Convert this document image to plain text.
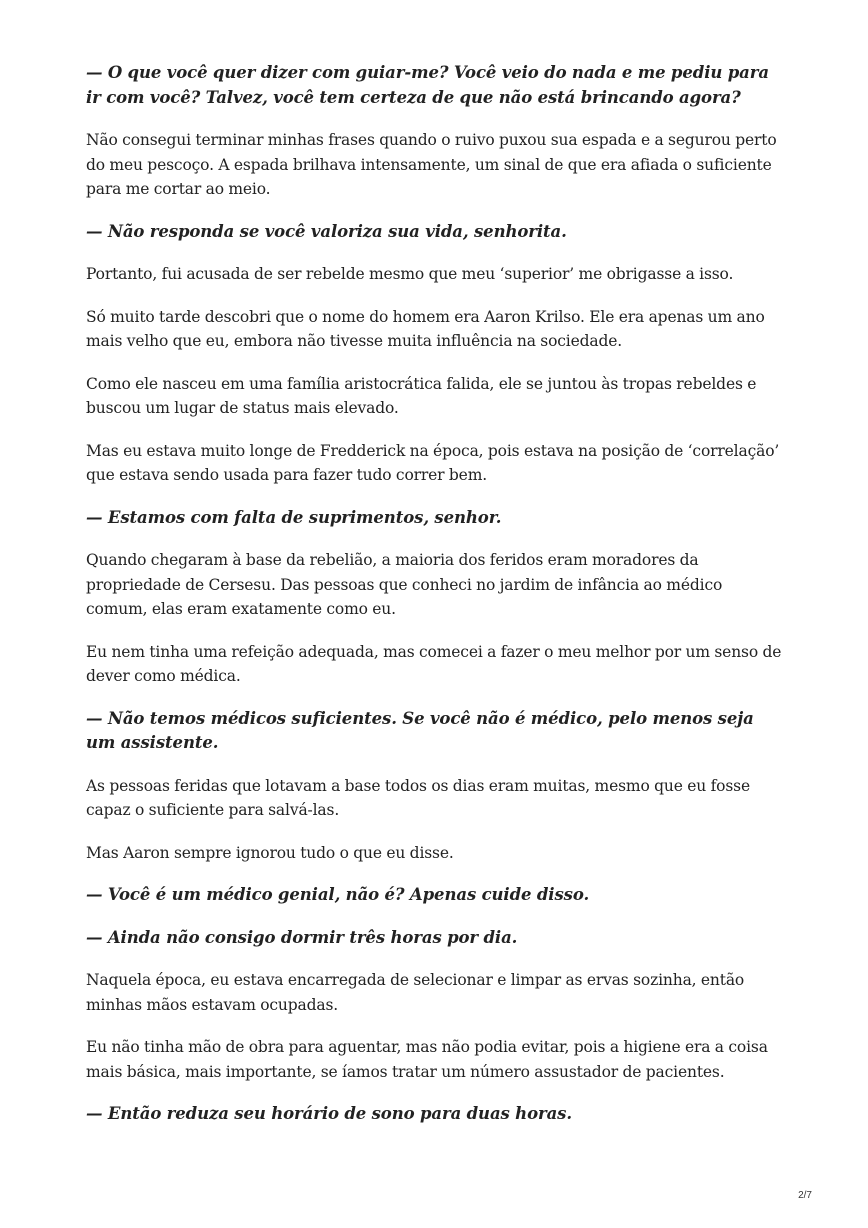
— O que você quer dizer com guiar-me? Você veio do nada e me pediu para ir com você? Talvez, você tem certeza de que não está brincando agora?

Não consegui terminar minhas frases quando o ruivo puxou sua espada e a segurou perto do meu pescoço. A espada brilhava intensamente, um sinal de que era afiada o suficiente para me cortar ao meio.

— Não responda se você valoriza sua vida, senhorita.

Portanto, fui acusada de ser rebelde mesmo que meu ‘superior’ me obrigasse a isso.

Só muito tarde descobri que o nome do homem era Aaron Krilso. Ele era apenas um ano mais velho que eu, embora não tivesse muita influência na sociedade.

Como ele nasceu em uma família aristocrática falida, ele se juntou às tropas rebeldes e buscou um lugar de status mais elevado.

Mas eu estava muito longe de Fredderick na época, pois estava na posição de ‘correlação’ que estava sendo usada para fazer tudo correr bem.

— Estamos com falta de suprimentos, senhor.

Quando chegaram à base da rebelião, a maioria dos feridos eram moradores da propriedade de Cersesu. Das pessoas que conheci no jardim de infância ao médico comum, elas eram exatamente como eu.

Eu nem tinha uma refeição adequada, mas comecei a fazer o meu melhor por um senso de dever como médica.

— Não temos médicos suficientes. Se você não é médico, pelo menos seja um assistente.

As pessoas feridas que lotavam a base todos os dias eram muitas, mesmo que eu fosse capaz o suficiente para salvá-las.

Mas Aaron sempre ignorou tudo o que eu disse.

— Você é um médico genial, não é? Apenas cuide disso.

— Ainda não consigo dormir três horas por dia.

Naquela época, eu estava encarregada de selecionar e limpar as ervas sozinha, então minhas mãos estavam ocupadas.

Eu não tinha mão de obra para aguentar, mas não podia evitar, pois a higiene era a coisa mais básica, mais importante, se íamos tratar um número assustador de pacientes.

— Então reduza seu horário de sono para duas horas.

2/7
